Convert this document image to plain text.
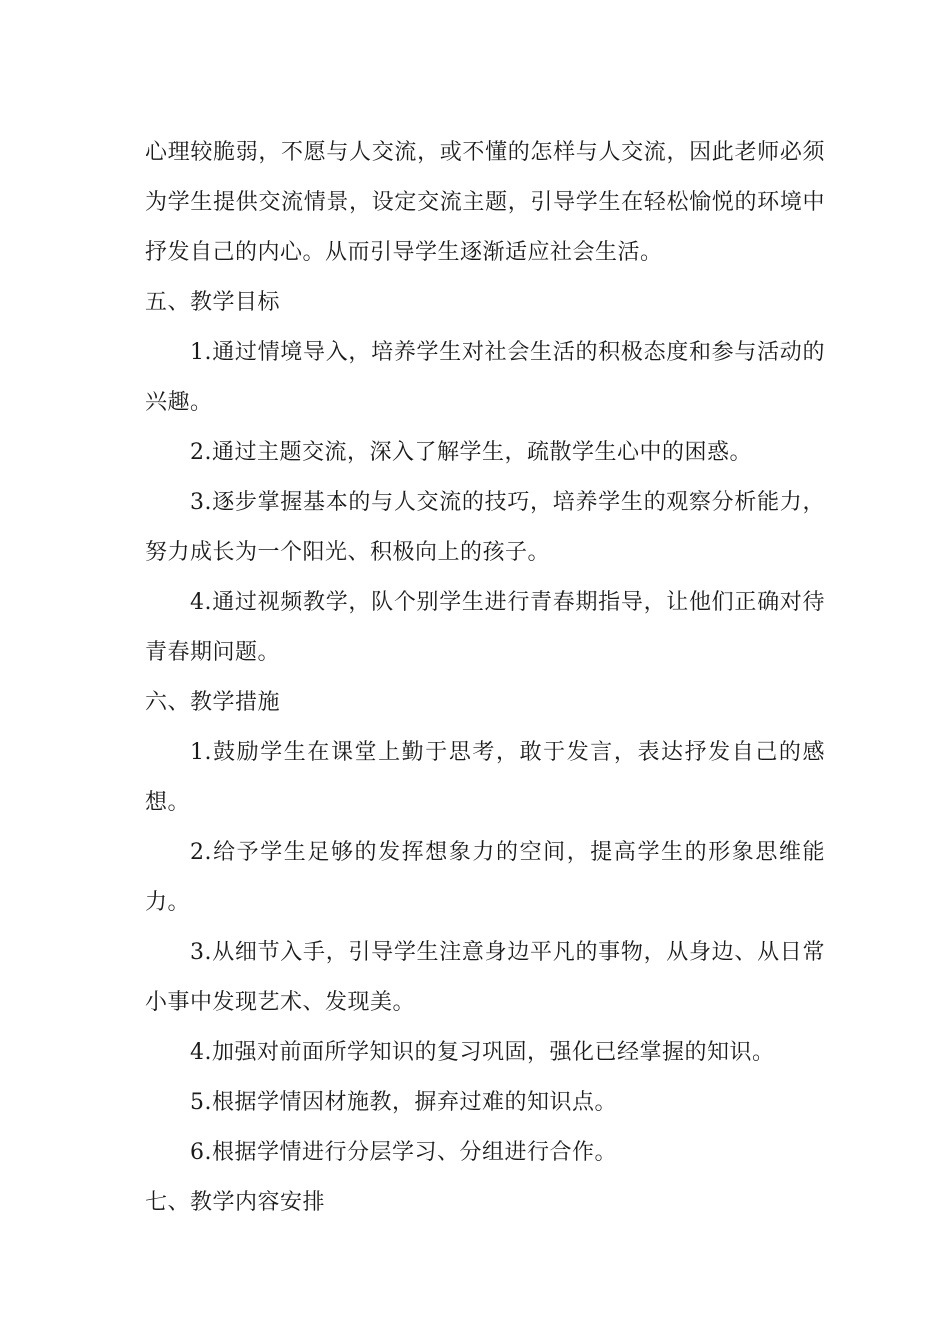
心理较脆弱，不愿与人交流，或不懂的怎样与人交流，因此老师必须为学生提供交流情景，设定交流主题，引导学生在轻松愉悦的环境中抒发自己的内心。从而引导学生逐渐适应社会生活。

五、教学目标

1.通过情境导入，培养学生对社会生活的积极态度和参与活动的兴趣。

2.通过主题交流，深入了解学生，疏散学生心中的困惑。

3.逐步掌握基本的与人交流的技巧，培养学生的观察分析能力，努力成长为一个阳光、积极向上的孩子。

4.通过视频教学，队个别学生进行青春期指导，让他们正确对待青春期问题。

六、教学措施

1.鼓励学生在课堂上勤于思考，敢于发言，表达抒发自己的感想。

2.给予学生足够的发挥想象力的空间，提高学生的形象思维能力。

3.从细节入手，引导学生注意身边平凡的事物，从身边、从日常小事中发现艺术、发现美。

4.加强对前面所学知识的复习巩固，强化已经掌握的知识。

5.根据学情因材施教，摒弃过难的知识点。

6.根据学情进行分层学习、分组进行合作。

七、教学内容安排
